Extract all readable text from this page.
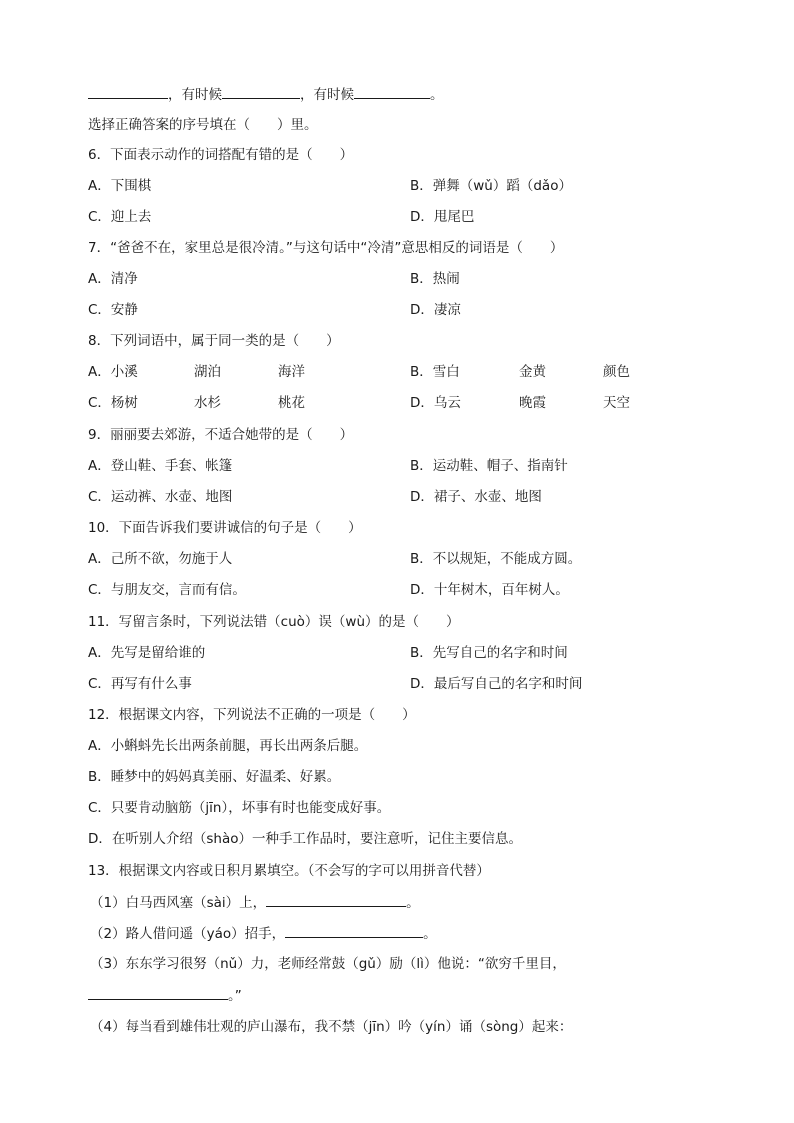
，有时候	，有时候	。
选择正确答案的序号填在（　　）里。
6．下面表示动作的词搭配有错的是（　　）
A．下围棋	B．弹舞（wǔ）蹈（dǎo）
C．迎上去	D．甩尾巴
7．“爸爸不在，家里总是很冷清。”与这句话中“冷清”意思相反的词语是（　　）
A．清净	B．热闹
C．安静	D．凄凉
8．下列词语中，属于同一类的是（　　）
A．小溪	湖泊	海洋	B．雪白	金黄	颜色
C．杨树	水杉	桃花	D．乌云	晚霞	天空
9．丽丽要去郊游，不适合她带的是（　　）
A．登山鞋、手套、帐篷	B．运动鞋、帽子、指南针
C．运动裤、水壶、地图	D．裙子、水壶、地图
10．下面告诉我们要讲诚信的句子是（　　）
A．己所不欲，勿施于人	B．不以规矩，不能成方圆。
C．与朋友交，言而有信。	D．十年树木，百年树人。
11．写留言条时，下列说法错（cuò）误（wù）的是（　　）
A．先写是留给谁的	B．先写自己的名字和时间
C．再写有什么事	D．最后写自己的名字和时间
12．根据课文内容，下列说法不正确的一项是（　　）
A．小蝌蚪先长出两条前腿，再长出两条后腿。
B．睡梦中的妈妈真美丽、好温柔、好累。
C．只要肯动脑筋（jīn），坏事有时也能变成好事。
D．在听别人介绍（shào）一种手工作品时，要注意听，记住主要信息。
13．根据课文内容或日积月累填空。（不会写的字可以用拼音代替）
（1）白马西风塞（sài）上，	。
（2）路人借问遥（yáo）招手，	。
（3）东东学习很努（nǔ）力，老师经常鼓（gǔ）励（lì）他说：“欲穷千里目，
。”
（4）每当看到雄伟壮观的庐山瀑布，我不禁（jīn）吟（yín）诵（sòng）起来：
